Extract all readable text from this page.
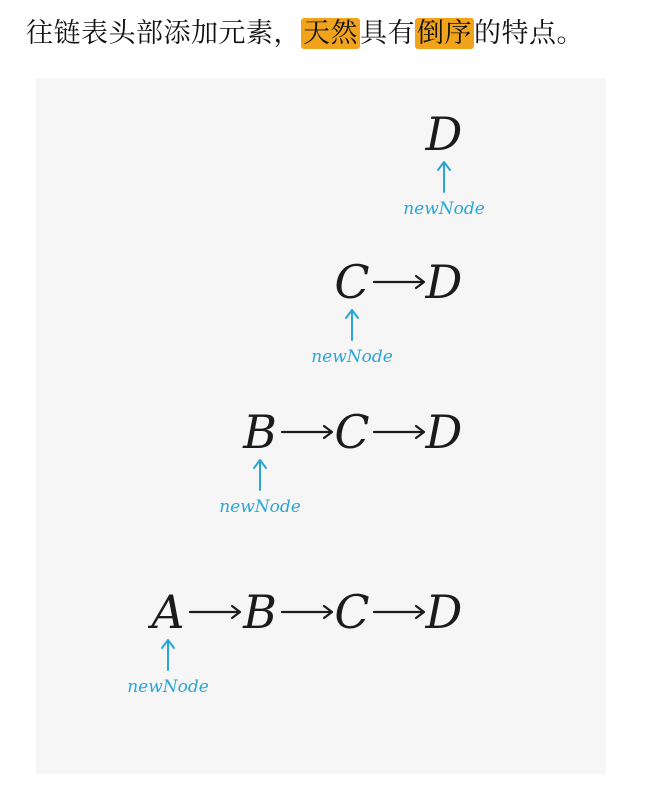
往链表头部添加元素，天然具有倒序的特点。
D
newNode
C D
newNode
B C D
newNode
A B C D
newNode
